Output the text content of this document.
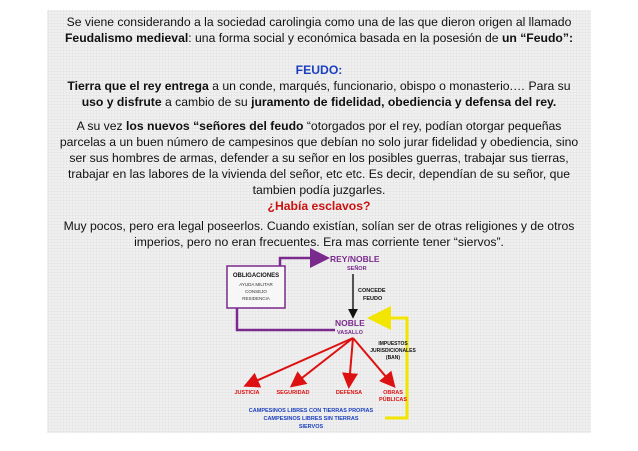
Se viene considerando a la sociedad carolingia como una de las que dieron origen al llamado
Feudalismo medieval: una forma social y económica basada en la posesión de un “Feudo”:
FEUDO:
Tierra que el rey entrega a un conde, marqués, funcionario, obispo o monasterio.… Para su
uso y disfrute a cambio de su juramento de fidelidad, obediencia y defensa del rey.
A su vez los nuevos “señores del feudo “otorgados por el rey, podían otorgar pequeñas
parcelas a un buen número de campesinos que debían no solo jurar fidelidad y obediencia, sino
ser sus hombres de armas, defender a su señor en los posibles guerras, trabajar sus tierras,
trabajar en las labores de la vivienda del señor, etc etc. Es decir, dependían de su señor, que
tambien podía juzgarles.
¿Había esclavos?
Muy pocos, pero era legal poseerlos. Cuando existían, solían ser de otras religiones y de otros
imperios, pero no eran frecuentes. Era mas corriente tener “siervos”.
OBLIGACIONES
AYUDA MILITAR
CONSEJO
RESIDENCIA
REY/NOBLE
SEÑOR
CONCEDE
FEUDO
NOBLE
VASALLO
IMPUESTOS
JURISDICIONALES
(BAN)
JUSTICIA	SEGURIDAD	DEFENSA	OBRAS
PÚBLICAS
CAMPESINOS LIBRES CON TIERRAS PROPIAS
CAMPESINOS LIBRES SIN TIERRAS
SIERVOS
